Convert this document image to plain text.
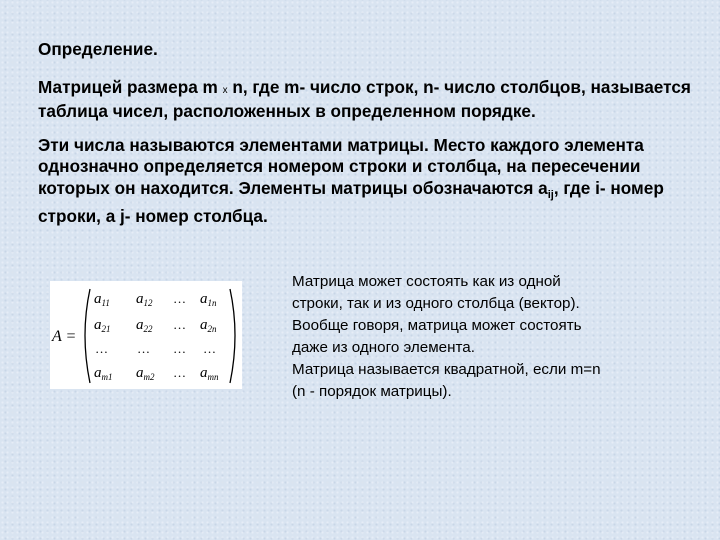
Определение.

Матрицей размера m x n, где m- число строк, n- число столбцов, называется таблица чисел, расположенных в определенном порядке.

Эти числа называются элементами матрицы. Место каждого элемента однозначно определяется номером строки и столбца, на пересечении которых он находится. Элементы матрицы обозначаются $a_{ij}$, где i- номер строки, а j- номер столбца.

A =
$a_{11}$ $a_{12}$ … $a_{1n}$
$a_{21}$ $a_{22}$ … $a_{2n}$
… … … …
$a_{m1}$ $a_{m2}$ … $a_{mn}$
Матрица может состоять как из одной
строки, так и из одного столбца (вектор).
Вообще говоря, матрица может состоять
даже из одного элемента.
Матрица называется квадратной, если m=n
(n - порядок матрицы).
